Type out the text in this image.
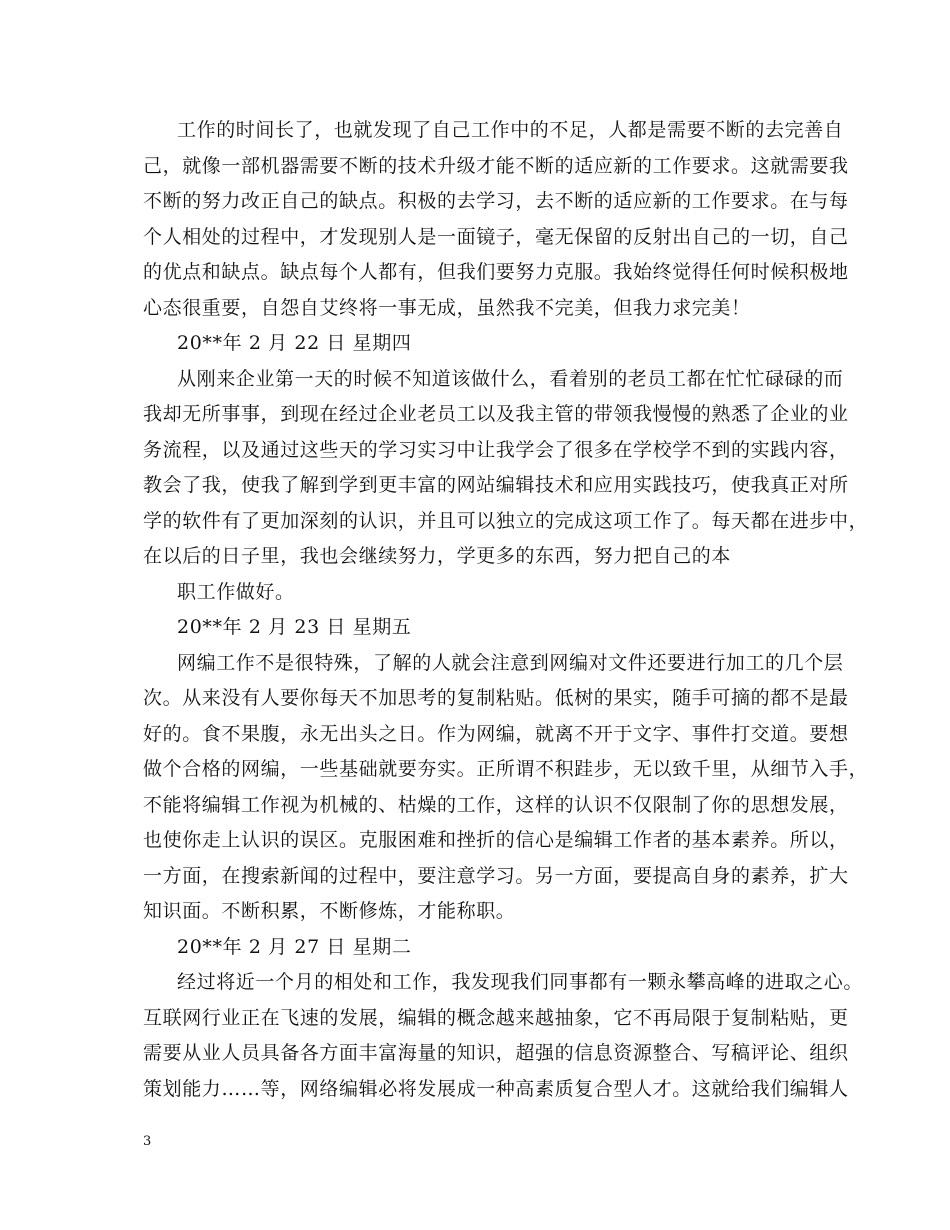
工作的时间长了，也就发现了自己工作中的不足，人都是需要不断的去完善自
己，就像一部机器需要不断的技术升级才能不断的适应新的工作要求。这就需要我
不断的努力改正自己的缺点。积极的去学习，去不断的适应新的工作要求。在与每
个人相处的过程中，才发现别人是一面镜子，毫无保留的反射出自己的一切，自己
的优点和缺点。缺点每个人都有，但我们要努力克服。我始终觉得任何时候积极地
心态很重要，自怨自艾终将一事无成，虽然我不完美，但我力求完美！
20**年 2 月 22 日 星期四
从刚来企业第一天的时候不知道该做什么，看着别的老员工都在忙忙碌碌的而
我却无所事事，到现在经过企业老员工以及我主管的带领我慢慢的熟悉了企业的业
务流程，以及通过这些天的学习实习中让我学会了很多在学校学不到的实践内容，
教会了我，使我了解到学到更丰富的网站编辑技术和应用实践技巧，使我真正对所
学的软件有了更加深刻的认识，并且可以独立的完成这项工作了。每天都在进步中，
在以后的日子里，我也会继续努力，学更多的东西，努力把自己的本
职工作做好。
20**年 2 月 23 日 星期五
网编工作不是很特殊，了解的人就会注意到网编对文件还要进行加工的几个层
次。从来没有人要你每天不加思考的复制粘贴。低树的果实，随手可摘的都不是最
好的。食不果腹，永无出头之日。作为网编，就离不开于文字、事件打交道。要想
做个合格的网编，一些基础就要夯实。正所谓不积跬步，无以致千里，从细节入手，
不能将编辑工作视为机械的、枯燥的工作，这样的认识不仅限制了你的思想发展，
也使你走上认识的误区。克服困难和挫折的信心是编辑工作者的基本素养。所以，
一方面，在搜索新闻的过程中，要注意学习。另一方面，要提高自身的素养，扩大
知识面。不断积累，不断修炼，才能称职。
20**年 2 月 27 日 星期二
经过将近一个月的相处和工作，我发现我们同事都有一颗永攀高峰的进取之心。
互联网行业正在飞速的发展，编辑的概念越来越抽象，它不再局限于复制粘贴，更
需要从业人员具备各方面丰富海量的知识，超强的信息资源整合、写稿评论、组织
策划能力……等，网络编辑必将发展成一种高素质复合型人才。这就给我们编辑人
3
